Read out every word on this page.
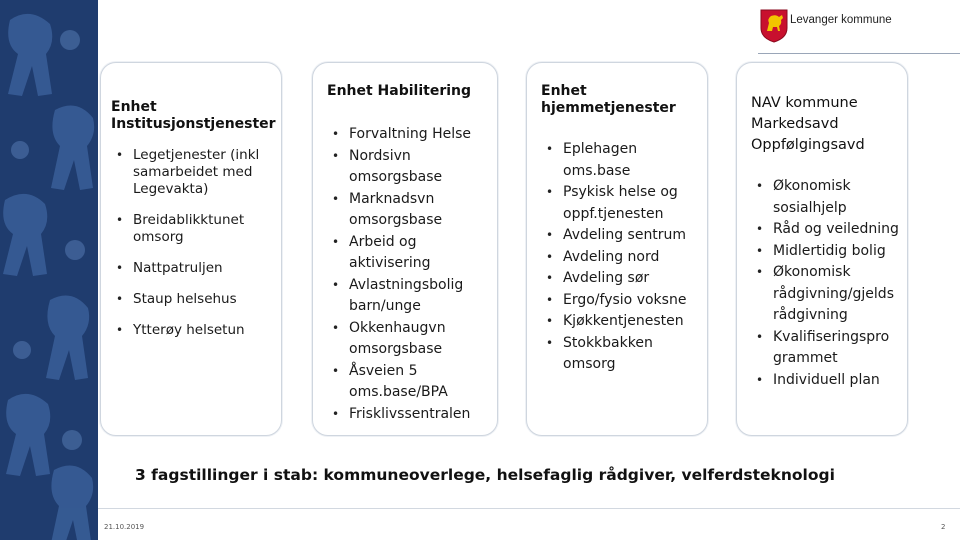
Levanger kommune
Enhet Institusjonstjenester
• Legetjenester (inkl samarbeidet med Legevakta)
• Breidablikktunet omsorg
• Nattpatruljen
• Staup helsehus
• Ytterøy helsetun
Enhet Habilitering
• Forvaltning Helse
• Nordsivn omsorgsbase
• Marknadsvn omsorgsbase
• Arbeid og aktivisering
• Avlastningsbolig barn/unge
• Okkenhaugvn omsorgsbase
• Åsveien 5 oms.base/BPA
• Frisklivssentralen
Enhet hjemmetjenester
• Eplehagen oms.base
• Psykisk helse og oppf.tjenesten
• Avdeling sentrum
• Avdeling nord
• Avdeling sør
• Ergo/fysio voksne
• Kjøkkentjenesten
• Stokkbakken omsorg
NAV kommune Markedsavd Oppfølgingsavd
• Økonomisk sosialhjelp
• Råd og veiledning
• Midlertidig bolig
• Økonomisk rådgivning/gjelds rådgivning
• Kvalifiseringspro grammet
• Individuell plan
3 fagstillinger i stab: kommuneoverlege, helsefaglig rådgiver, velferdsteknologi
21.10.2019	2
